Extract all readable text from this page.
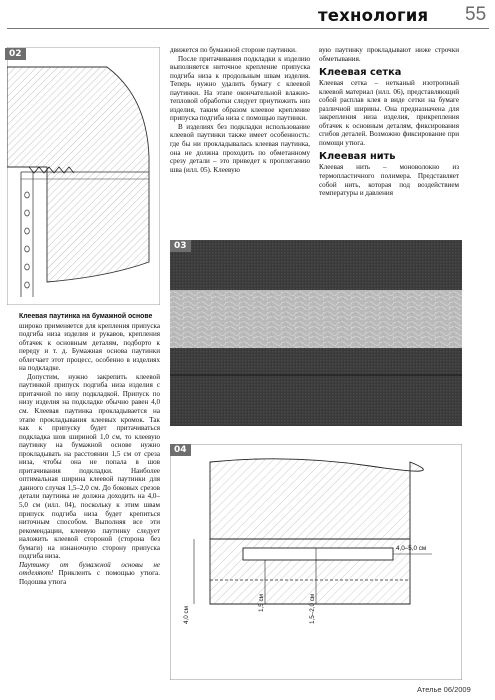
технология 55
02
Клеевая паутинка на бумажной основе

широко применяется для крепления припуска подгиба низа изделия и рукавов, крепления обтачек к основным деталям, подборто к переду и т. д. Бумажная основа паутинки облегчает этот процесс, особенно в изделиях на подкладке.

Допустим, нужно закрепить клеевой паутинкой припуск подгиба низа изделия с притачной по низу подкладкой. Припуск по низу изделия на подкладке обычно равен 4,0 см. Клеевая паутинка прокладывается на этапе прокладывания клеевых кромок. Так как к припуску будет притачиваться подкладка шов шириной 1,0 см, то клеевую паутинку на бумажной основе нужно прокладывать на расстоянии 1,5 см от среза низа, чтобы она не попала в шов притачивания подкладки. Наиболее оптимальная ширина клеевой паутинки для данного случая 1,5–2,0 см. До боковых срезов детали паутинка не должна доходить на 4,0–5,0 см (илл. 04), поскольку к этим швам припуск подгиба низа будет крепиться ниточным способом. Выполняя все эти рекомендации, клеевую паутинку следует наложить клеевой стороной (сторона без бумаги) на изнаночную сторону припуска подгиба низа.

Паутинку от бумажной основы не отделяют! Приклеить с помощью утюга. Подошва утюга

движется по бумажной стороне паутинки.

После притачивания подкладки к изделию выполняется ниточное крепление припуска подгиба низа к продольным швам изделия. Теперь нужно удалить бумагу с клеевой паутинки. На этапе окончательной влажно-тепловой обработки следует приутюжить низ изделия, таким образом клеевое крепление припуска подгиба низа с помощью паутинки.

В изделиях без подкладки использование клеевой паутинки также имеет особенность: где бы ни прокладывалась клеевая паутинка, она не должна проходить по обметанному срезу детали – это приведет к проплеганию шва (илл. 05). Клеевую

вую паутинку прокладывают ниже строчки обметывания.

Клеевая сетка

Клеевая сетка – нетканый изотропный клеевой материал (илл. 06), представляющий собой расплав клея в виде сетки на бумаге различной ширины. Она предназначена для закрепления низа изделия, прикрепления обтачек к основным деталям, фиксирования сгибов деталей. Возможно фиксирование при помощи утюга.

Клеевая нить

Клеевая нить – моноволокно из термопластичного полимера. Представляет собой нить, которая под воздействием температуры и давления

03
04
4,0–5,0 см
4,0 см
1,5 см	1,5–2,0 см
Ателье 06/2009
